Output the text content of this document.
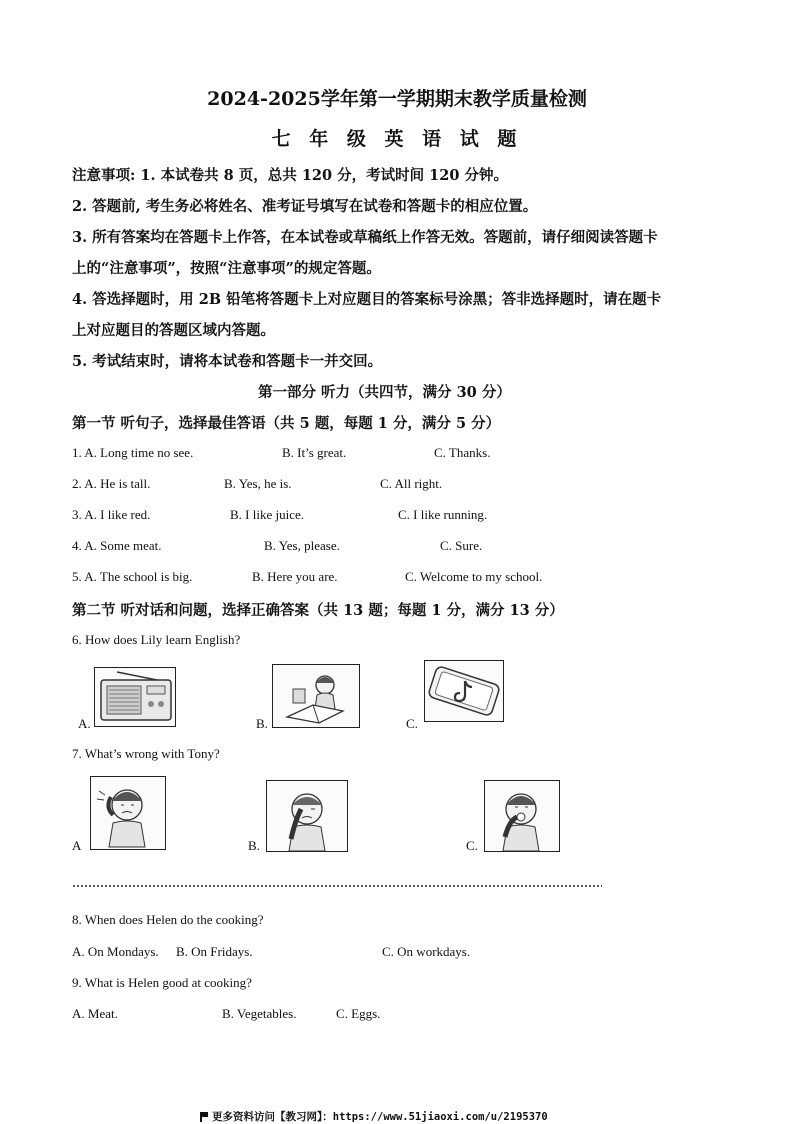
2024-2025学年第一学期期末教学质量检测
七 年 级 英 语 试 题
注意事项: 1. 本试卷共 8 页，总共 120 分，考试时间 120 分钟。
2. 答题前, 考生务必将姓名、准考证号填写在试卷和答题卡的相应位置。
3. 所有答案均在答题卡上作答，在本试卷或草稿纸上作答无效。答题前，请仔细阅读答题卡
上的“注意事项”，按照“注意事项”的规定答题。
4. 答选择题时，用 2B 铅笔将答题卡上对应题目的答案标号涂黑；答非选择题时，请在题卡
上对应题目的答题区域内答题。
5. 考试结束时，请将本试卷和答题卡一并交回。
第一部分 听力（共四节，满分 30 分）
第一节 听句子，选择最佳答语（共 5 题，每题 1 分，满分 5 分）
1. A. Long time no see.	B. It’s great.	C. Thanks.
2. A. He is tall.	B. Yes, he is.	C. All right.
3. A. I like red.	B. I like juice.	C. I like running.
4. A. Some meat.	B. Yes, please.	C. Sure.
5. A. The school is big.	B. Here you are.	C. Welcome to my school.
第二节 听对话和问题，选择正确答案（共 13 题；每题 1 分，满分 13 分）
6. How does Lily learn English?
A.	B.	C.
7. What’s wrong with Tony?
A	B.	C.
8. When does Helen do the cooking?
A. On Mondays. B. On Fridays.	C. On workdays.
9. What is Helen good at cooking?
A. Meat.	B. Vegetables.	C. Eggs.
更多资料访问【教习网】：https://www.51jiaoxi.com/u/2195370
